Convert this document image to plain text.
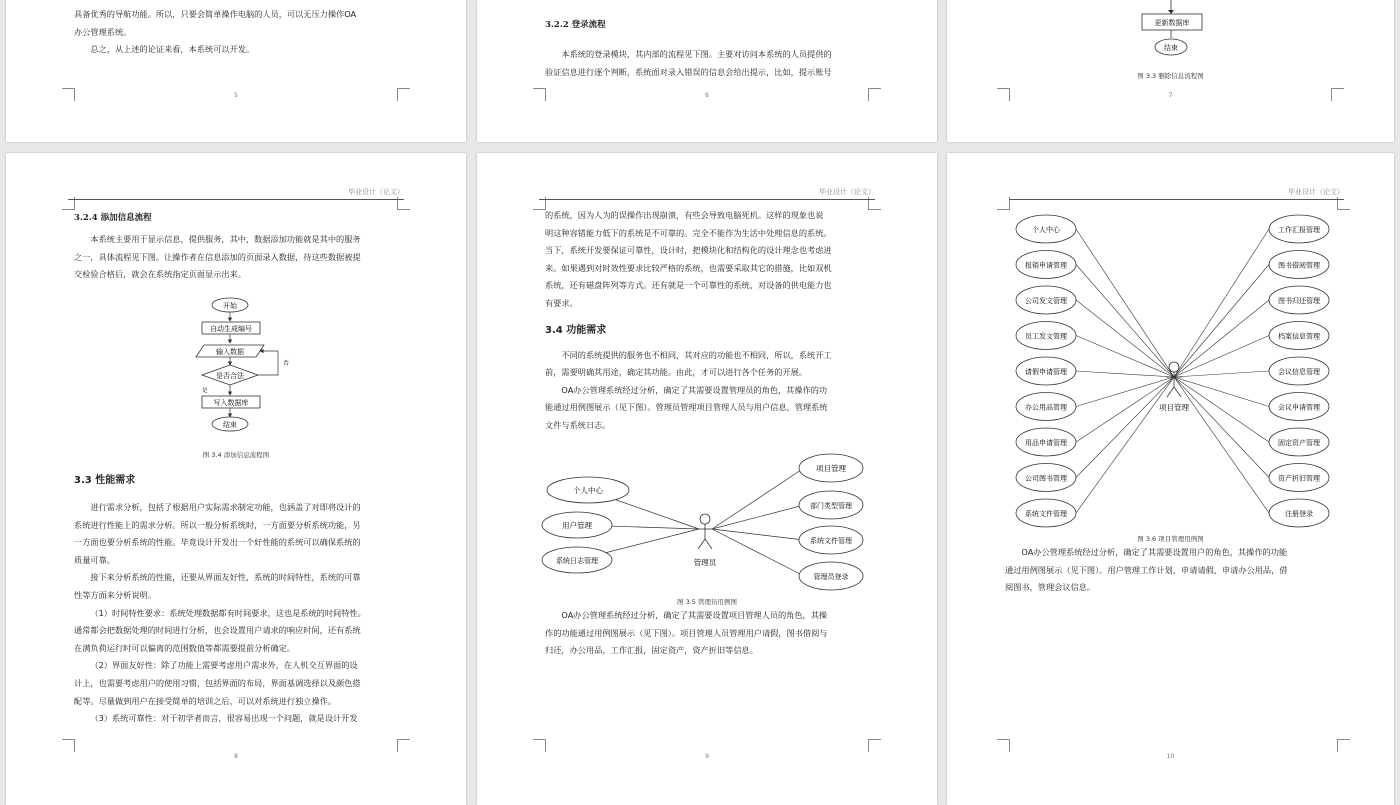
具备优秀的导航功能。所以，只要会简单操作电脑的人员，可以无压力操作OA

办公管理系统。

总之，从上述的论证来看，本系统可以开发。

5

3.2.2 登录流程

本系统的登录模块，其内部的流程见下图。主要对访问本系统的人员提供的

验证信息进行逐个判断，系统面对录入错误的信息会给出提示，比如，提示账号

6
更新数据库
结束
图 3.3 删除信息流程图
7
毕业设计（论文）

3.2.4 添加信息流程

本系统主要用于显示信息，提供服务，其中，数据添加功能就是其中的服务

之一，具体流程见下图。让操作者在信息添加的页面录入数据，待这些数据被提

交检验合格后，就会在系统指定页面显示出来。

开始
自动生成编号
输入数据
是否合法
否
是
写入数据库
结束
图 3.4 添加信息流程图

3.3 性能需求

进行需求分析，包括了根据用户实际需求制定功能，也涵盖了对即将设计的

系统进行性能上的需求分析。所以一般分析系统时，一方面要分析系统功能，另

一方面也要分析系统的性能。毕竟设计开发出一个好性能的系统可以确保系统的

质量可靠。

接下来分析系统的性能，还要从界面友好性，系统的时间特性，系统的可靠

性等方面来分析说明。

（1）时间特性要求：系统处理数据都有时间要求，这也是系统的时间特性。

通常都会把数据处理的时间进行分析，也会设置用户请求的响应时间，还有系统

在满负荷运行时可以偏离的范围数值等都需要提前分析确定。

（2）界面友好性：除了功能上需要考虑用户需求外，在人机交互界面的设

计上，也需要考虑用户的使用习惯，包括界面的布局，界面基调选择以及颜色搭

配等。尽量做到用户在接受简单的培训之后，可以对系统进行独立操作。

（3）系统可靠性：对于初学者而言，很容易出现一个问题，就是设计开发

8
毕业设计（论文）

的系统，因为人为的误操作出现崩溃，有些会导致电脑死机。这样的现象也说

明这种容错能力低下的系统是不可靠的。完全不能作为生活中处理信息的系统。

当下，系统开发要保证可靠性，设计时，把模块化和结构化的设计理念也考虑进

来。如果遇到对时效性要求比较严格的系统，也需要采取其它的措施，比如双机

系统，还有磁盘阵列等方式。还有就是一个可靠性的系统，对设备的供电能力也

有要求。

3.4 功能需求

不同的系统提供的服务也不相同，其对应的功能也不相同，所以，系统开工

前，需要明确其用途，确定其功能。由此，才可以进行各个任务的开展。

OA办公管理系统经过分析，确定了其需要设置管理员的角色，其操作的功

能通过用例图展示（见下图）。管理员管理项目管理人员与用户信息，管理系统

文件与系统日志。

管理员
个人中心
用户管理
系统日志管理
项目管理
部门类型管理
系统文件管理
管理员登录
图 3.5 管理员用例图

OA办公管理系统经过分析，确定了其需要设置项目管理人员的角色，其操

作的功能通过用例图展示（见下图）。项目管理人员管理用户请假，图书借阅与

归还，办公用品，工作汇报，固定资产，资产折旧等信息。

9
毕业设计（论文）
项目管理
个人中心
报销申请管理
公司发文管理
员工发文管理
请假申请管理
办公用品管理
用品申请管理
公司图书管理
系统文件管理
工作汇报管理
图书借阅管理
图书归还管理
档案信息管理
会议信息管理
会议申请管理
固定资产管理
资产折旧管理
注册登录
图 3.6 项目管理用例图

OA办公管理系统经过分析，确定了其需要设置用户的角色，其操作的功能

通过用例图展示（见下图）。用户管理工作计划，申请请假，申请办公用品，借

阅图书，管理会议信息。

10
